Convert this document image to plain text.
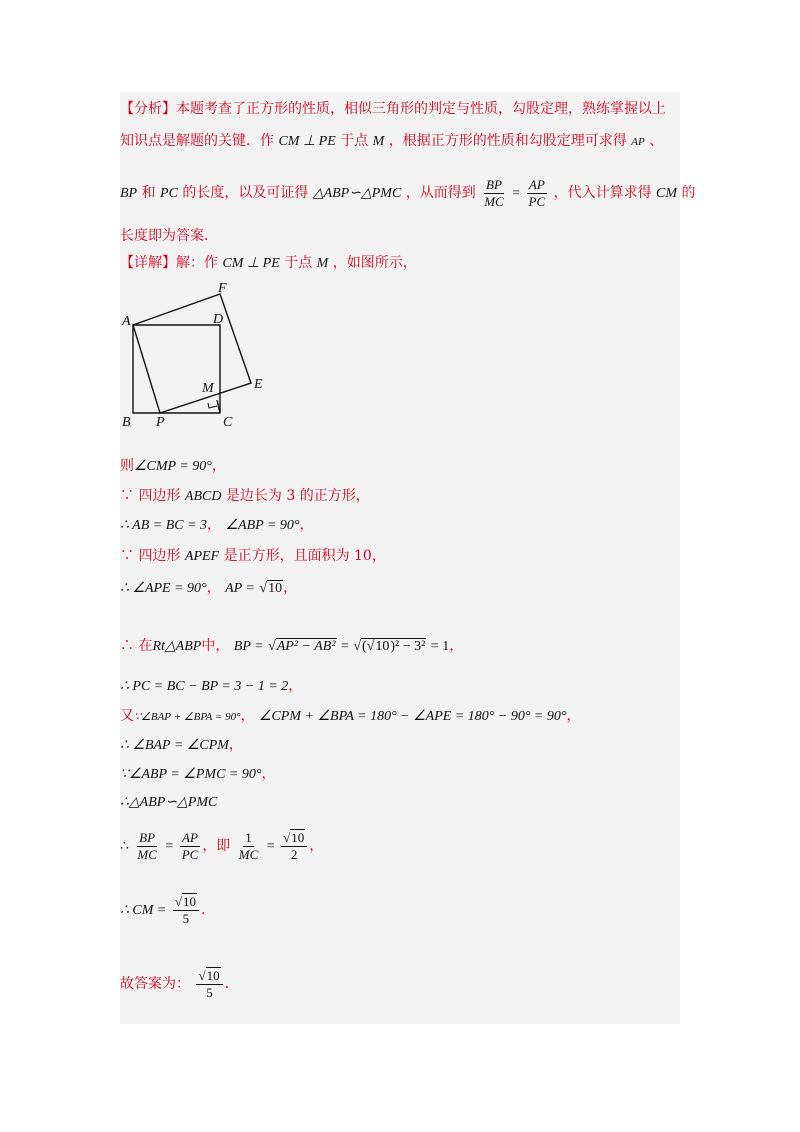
【分析】本题考查了正方形的性质，相似三角形的判定与性质，勾股定理，熟练掌握以上
知识点是解题的关键．作 CM ⊥ PE 于点 M ，根据正方形的性质和勾股定理可求得 AP 、
BP 和 PC 的长度，以及可证得 △ABP∽△PMC ，从而得到 $\frac{BP}{MC} = \frac{AP}{PC}$ ，代入计算求得 CM 的
长度即为答案．
【详解】解：作 CM ⊥ PE 于点 M ，如图所示，
A
B	C
D
E
F
P
M
则∠CMP = 90°，
∵ 四边形 ABCD 是边长为 3 的正方形，
∴ AB = BC = 3， ∠ABP = 90°，
∵ 四边形 APEF 是正方形，且面积为 10，
∴ ∠APE = 90°， AP = √10，
∴ 在Rt△ABP中， BP = √AP² − AB² = √(√10)² − 3² = 1，
∴ PC = BC − BP = 3 − 1 = 2，
又∵∠BAP + ∠BPA = 90°， ∠CPM + ∠BPA = 180° − ∠APE = 180° − 90° = 90°，
∴ ∠BAP = ∠CPM，
∵∠ABP = ∠PMC = 90°，
∴△ABP∽△PMC
∴ $\frac{BP}{MC} = \frac{AP}{PC}$ ，即 $\frac{1}{MC} = \frac{√10}{2}$ ，
∴ CM = $\frac{√10}{5}$ ．
故答案为： $\frac{√10}{5}$ ．
